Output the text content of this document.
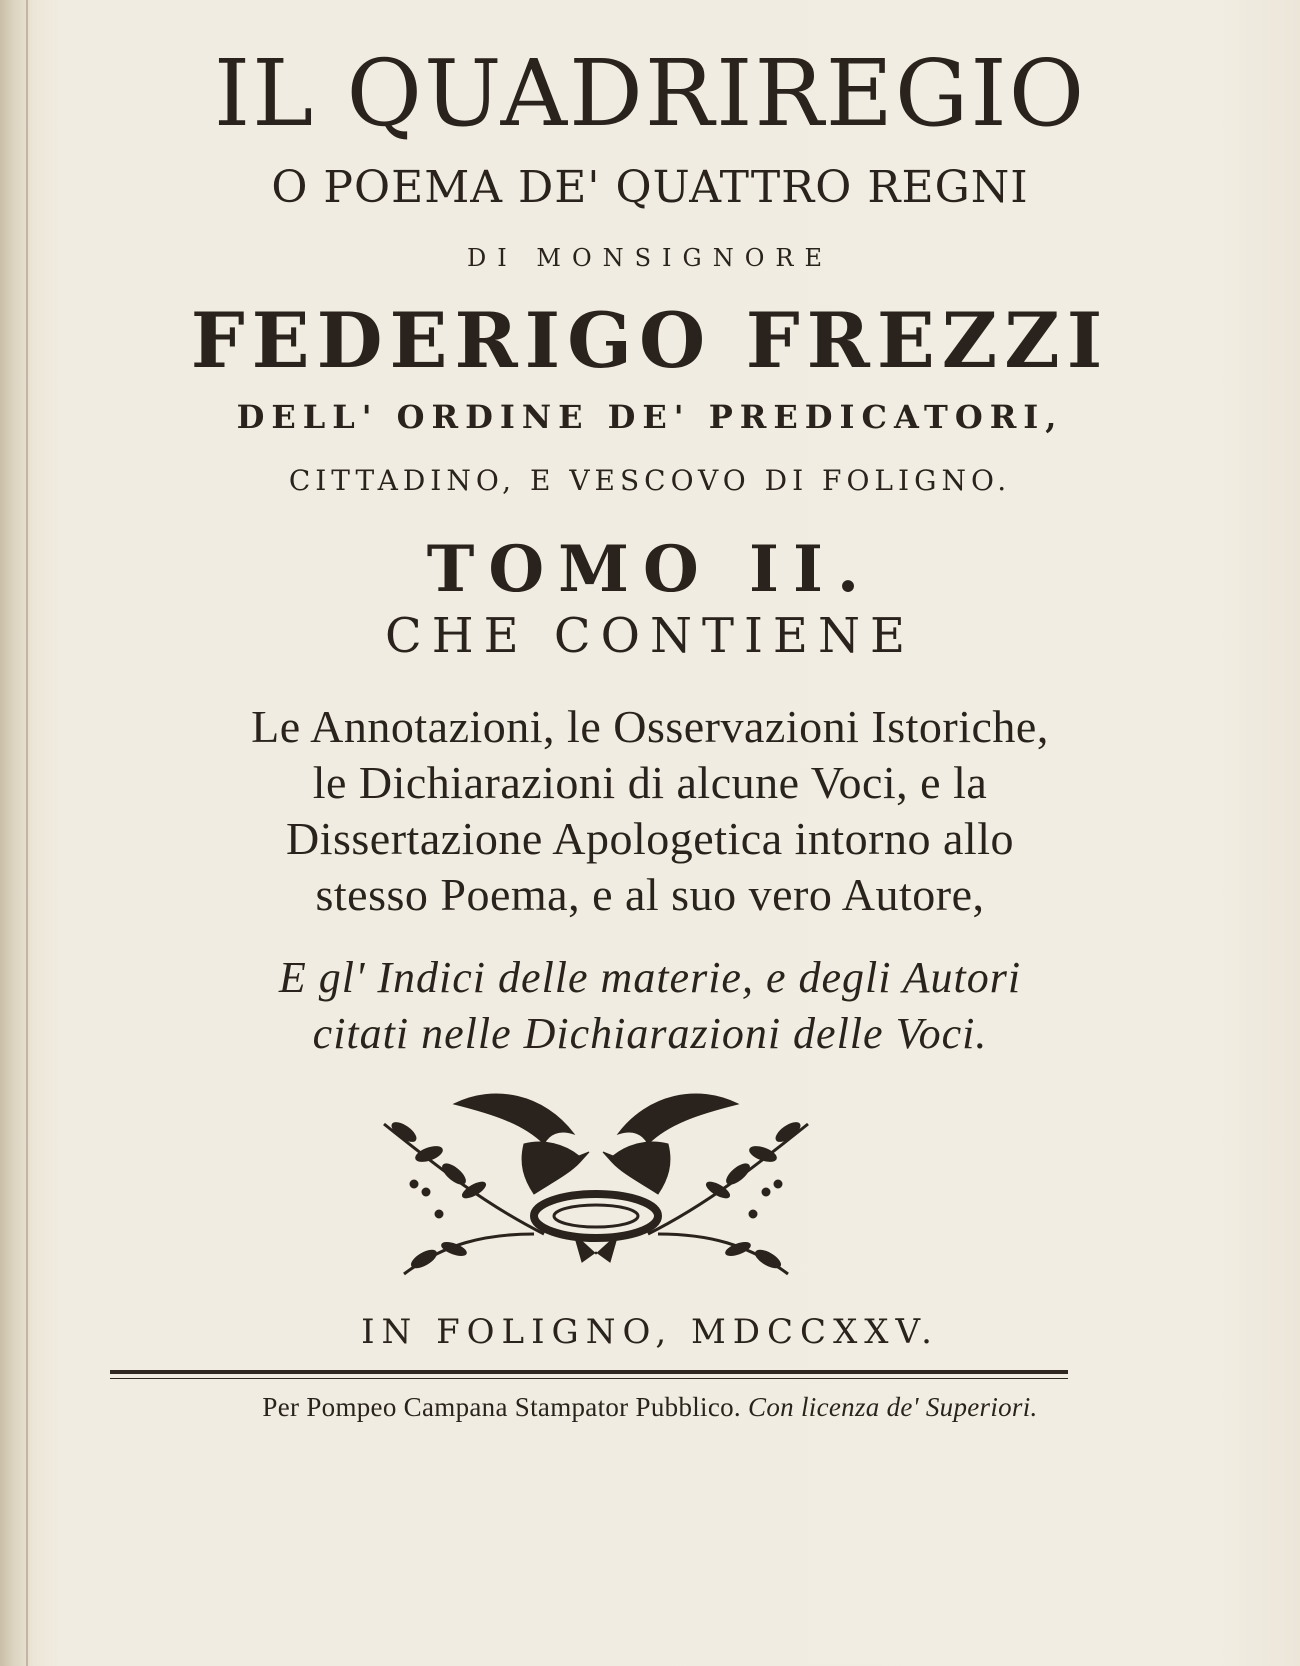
IL QUADRIREGIO
O POEMA DE' QUATTRO REGNI
DI MONSIGNORE
FEDERIGO FREZZI
DELL' ORDINE DE' PREDICATORI,
CITTADINO, E VESCOVO DI FOLIGNO.
TOMO II.
CHE CONTIENE
Le Annotazioni, le Osservazioni Istoriche,
le Dichiarazioni di alcune Voci, e la
Dissertazione Apologetica intorno allo
stesso Poema, e al suo vero Autore,
E gl' Indici delle materie, e degli Autori
citati nelle Dichiarazioni delle Voci.
IN FOLIGNO, MDCCXXV.
Per Pompeo Campana Stampator Pubblico. Con licenza de' Superiori.
